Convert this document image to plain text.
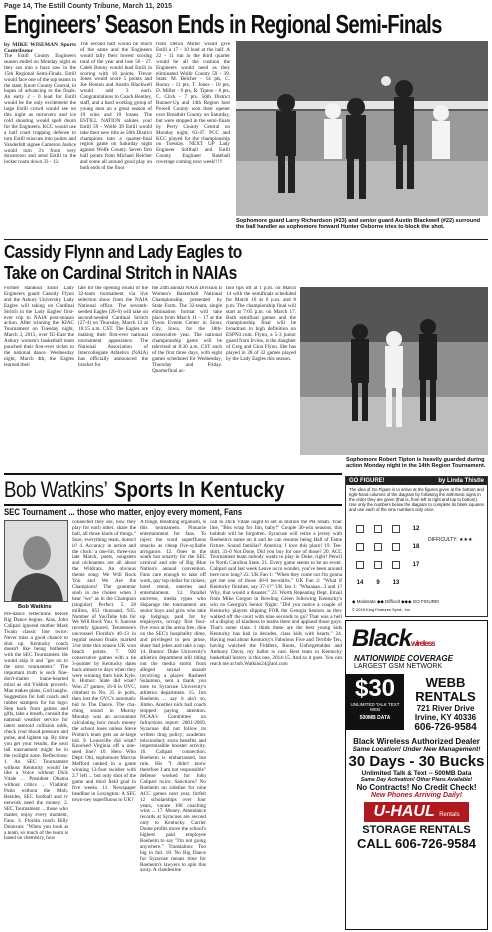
Page 14, The Estill County Tribune, March 11, 2015
Engineers’ Season Ends in Regional Semi-Finals
by MIKE WISEMAN Sports Contributor
The Estill County Engineers season ended on Monday night as they ran into a buzz saw in the 15th Regional Semi-Finals. Estill would face one of the top teams in the state, Knott County Central, in hopes of advancing to the finals. An early 2 - 0 lead for Estill would be the only excitement the large Estill crowd would see on this night as turnovers and ice cold shooting would spell doom for the Engineers. KCC would use a half court trapping defense to turn Estill miscues into points and Vanderbilt signee Cameron Justice would turn 3's from very downtown and send Estill to the locker room down 33 - 12.
The second half would be much of the same and the Engineers would tally their lowest scoring total of the year and lose 56 - 27. Caleb Bonny would lead Estill in scoring with 16 points, Trevor Jones would score 5 points and Joe Benton and Austin Blackwell would add 3 each. Congratulations to Coach Bentley, staff, and a hard working group of young men on a great season of 19 wins and 10 losses. The ESTILL NATION salutes you! Estill 59 - Wolfe 39 Estill would take their new title as 56th District champions into a quarter-final region game on Saturday night against Wolfe County. Seven first half points from Michael Belcher and some all around good play on both ends of the floor
from Deron Miller would give Estill a 17 - 10 lead at the half. A 22 - 11 run in the third quarter would be all the cushion the Engineers would need as they eliminated Wolfe County 59 - 39. Stats: M. Belcher - 14 pts, C. Bonny - 11 pts, T. Jones - 10 pts, D. Miller - 9 pts, R. Tipton - 8 pts, C. Click - 7 pts. 56th District Runner-Up and 14th Region host Powell County won their opener over Breathitt County on Saturday, but were stopped in the semi-finals by Perry County Central on Monday night, 63-47. PCC and KCC played for the championship on Tuesday. NEXT UP Lady Engineer Softball and Estill County Engineer Baseball coverage coming next week!!!!!
Sophomore guard Larry Richardson (#23) and senior guard Austin Blackwell (#22) surround the ball handler as sophomore forward Hunter Osborne tries to block the shot.
Cassidy Flynn and Lady Eagles to
Take on Cardinal Stritch in NAIAs
Former standout Estill Lady Engineers guard Cassidy Flynn and the Asbury University Lady Eagles will taking on Cardinal Stritch in the Lady Eagles' first-ever trip to NAIA post-season action. After winning the KIAC Tournament on Tuesday night, March 3, 2015, over IU-East the Asbury women's basketball team punched their first-ever ticket to the national dance. Wednesday night, March 4th, the Eagles learned their
fate for the opening round of the 32-team tournament via live selection show from the NAIA National office. The seventh-seeded Eagles (26-6) will take on second-seeded Cardinal Stritch (27-4) on Thursday, March 12 at 10:15 a.m. CST. The Eagles are making their first-ever national tournament appearance. The National Association of Intercollegiate Athletics (NAIA) has officially announced the bracket for
the 24th annual NAIA Division II Women's Basketball National Championship, presented by State Farm. The 32-team, single elimination format will take place from March 11 – 17 at the Tyson Events Center in Sioux City, Iowa, for the 18th-consecutive year. The national championship game will be televised at 8:30 a.m. CST each of the first three days, with eight games scheduled for Wednesday, Thursday and Friday. Quarterfinal ac-
tion tips off at 1 p.m. on March 14 with the semifinals scheduled for March 16 at 6 p.m. and 8 p.m. The championship final will start at 7:05 p.m. on March 17. Both semifinal games and the championship final will be broadcast in high definition on ESPN3.com. Flynn, a 5-3 junior guard from Irvine, is the daughter of Greg and Gina Flynn. She has played in 28 of 32 games played by the Lady Eagles this season.
Sophomore Robert Tipton is heavily guarded during action Monday night in the 14th Region Tournament.
Bob Watkins’ Sports In Kentucky
SEC Tournament ... those who matter, enjoy every moment, Fans
Bob Watkins
Pre-dance reflections before Big Dance begins. Alas, John Calipari ignored mother Mark Twain classic line twice: Never miss a good chance to shut up. Kentucky coach doesn't like being bothered with the SEC Tournament. He would skip it and "get on to the next tournament." The important truth is such fine-don't-matter inane-hearted mind as old Yiddish proverb. Man makes plans, God laughs. Suggestion for ball coach and rubber stampers for his logo: Step back from games and gifts, take a breath, consult the national weather service for latest asteroid collision odds, check your blood pressure and pulse, and lighten up. By time you get your results, the next tall tournament might be in the twilight zone. Reflections: 1. An SEC Tournament without Kentucky would be like a Voice without Dick Vitale ... President Obama without critics ... Vladimir Putin without the Mob. Besides, SEC football and tv network need the money. 2. SEC Tournament ... those who matter, enjoy every moment, Fans. 3. Florida coach Billy Donovan: "When you look at a team, so much of the team is based on chemistry, how
connected they are, how they play for each other, share the ball, all those kinds of things." Sure, everything team, doesn't it? 4. Accuracy in action and the clock: a one-hit, three-run late March, poets, songsters and nicknames are all about the Wildcats. An obvious theme song: We Will Rock You and We Are the Champions! The grammar snob in me chokes when I hear "we" as in the Champion (singular) Perfect. 5. 28 million, 851 thousand, 935. Number of YouTube hits for We Will Rock You. 6. Sunrise recently ignored, Tennessee's uncrossed Florida's 46-13 in regular season finale, marked 31st time this season UK won beach points. 7. 920 consecutive games with a tie 3-pointer by Kentucky dates back almost to days when they were winning their kids Kyle. 8. Humor: State did what? Won 27 games, 16-0 in OVC, climbed to No. 25 in polls, then lost the OVC's automatic bid to The Dance. The cha-ching sound in Murray Monday was an accountant calculating how much money the school loses unless Steve Prohm's team gets an at-large bid. 9. Louisville did what? Knocked Virginia off a one-seed line? 10. Hero Who Dept: Old, sophomore Marcus Mefford ranked in a game winning 13-foot swisher with 2.7 left ... but only shot of the game and third field goal in five weeks. 11. Newspaper headline in Lexington: A SEC town-ney superfluous to UK?
A fringe, breathing organism, is this tournament. Pinnacle entertainment for fans. To inject the word superfluous smacks as cheap five-syllable arrogance. 12. Ones in the south but smartly for the SEC carnival and site of Big Blue Nation's annual convention. Fans care enough to take off work, pay top dollar for tickets, hotel rental, eateries and entertainment. 13. Parallel universe, media types who disparage the tournament are senior boys and girls who take up lodgings paid for by employers, occupy first four-five rows at the arena free, dine on the SEC's hospitality dime, and privileged to pen prose, share bad jokes and take a nap. 14. Rumor: Duke University's athletics department still riding out the media storm from alleged sexual assault involving a player. Rasheed Sulaimon, sent a thank you note to Syracuse University's athletics department. 15. Jim Boeheim ... say it ain't so, Jimbo. Another nick ball coach stopped paying attention. NCAA's Committee on Infractions report: 2001-2009, Syracuse did not follow its written drug policy; academic misconduct; extra benefits and impermissible booster activity. 16. Calipari connection. Boeheim is embarrassed, but rule. His "I didn't know therefore I am not responsible" defense worked for John Calipari twice. Sanctions? No Boeheim on sideline for nine ACC games next year, forfeit 12 scholarships over four years, vacate 108 coaching wins ... 17. Money. Attendance records at Syracuse are second only to Kentucky. Carrier Dome profits move the school's highest paid employee Boeheim to say "I'm not going anywhere." Translation: Too big to fail. 18. No Big Dance for Syracuse means time for Boeheim's lawyers to spin this away. A clandestine
call to Dick Vitale ought to set in motion the PR rehab. Your line, "Bits wrap for Jim, baby!" Couple 30-win seasons, this hubbub will be forgotten. Syracuse will retire a jersey with Boeheim's name on it and he can resume being Hall of Fame fixture. Sound familiar? America, I love this place! 19. Tee-shirt, 31-0 Not Done, Did you buy for one of those? 20. ACC Tournament team nobody wants to play in Duke, right? Pencil in North Carolina State. 21. Every game seems to be an event. Calipari said last week Leave us to wonder, you've been around here now long? 22. UK Fan 1: "When they come out I'm gonna get me one of those 40-0 tee-shirts." UK Fan 2: "What if Kentucky finishes, say 37-1?" UK fan 1: "Whaaaaa...3 and 1? Why, that would a disaster." 23. Worth Repeating Dept. Email from Mike Gorgon in Bowling Green following Kentucky's win on Georgia's Senior Night: "Did you notice a couple of Kentucky players slipping FOR the Georgia Seniors as they walked off the court with nine seconds to go? That was a hell of a display of kindness to teams there and applaud those guys. That's some class. I think these are the best young kids Kentucky has had in decades, class kids with hearts." 24. Having read about Kentucky's Fabulous Five and Terrible Ten, having watched the Fiddlers, Runts, Unforgettables and Anthony Davis, my ballot is cast. Best team in Kentucky basketball history is this one, 2014-15. And so it goes. You can reach me at bob.Watkins24@aol.com
GO FIGURE!	by Linda Thistle
The idea of Go Figure is to arrive at the figures given at the bottom and right-hand columns of the diagram by following the arithmetic signs in the order they are given (that is, from left to right and top to bottom). Use only the numbers below the diagram to complete its blank squares and use each of the nine numbers only once.
12
18
17
14	9	13
DIFFICULTY: ★★★
◆ Moderate ◆◆ Difficult ◆◆◆ GO FIGURE!
© 2015 King Features Synd., Inc.
Blackwireless
NATIONWIDE COVERAGE
LARGEST GSM NETWORK
$30
UNLIMITED TALK TEXT WEB
500MB DATA
WEBB RENTALS
721 River Drive
Irvine, KY 40336
606-726-9584
Black Wireless Authorized Dealer
Same Location! Under New Management!
30 Days - 30 Bucks
Unlimited Talk & Text -- 500MB Data
Same Day Activation! Other Plans Available!
No Contracts! No Credit Check!
New Phones Arriving Daily!
U-HAUL Rentals
STORAGE RENTALS
CALL 606-726-9584
